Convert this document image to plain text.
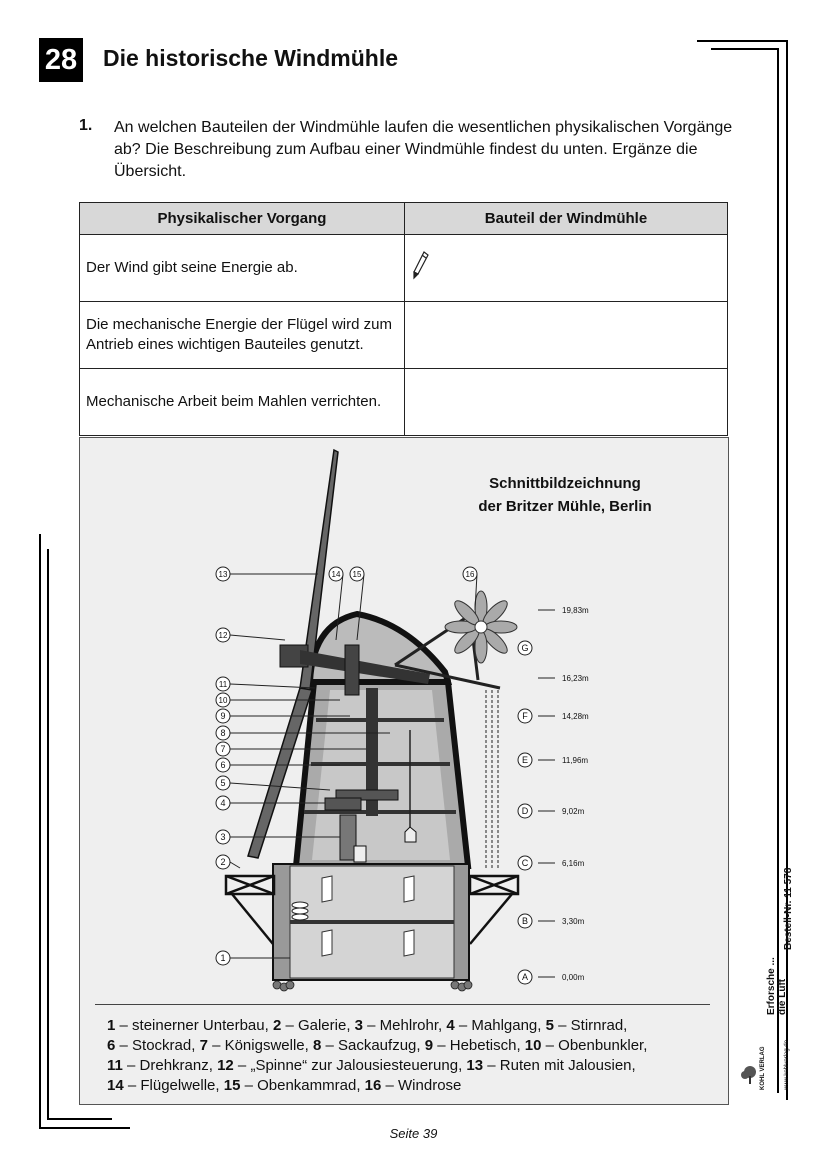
28 Die historische Windmühle
1. An welchen Bauteilen der Windmühle laufen die wesentlichen physikalischen Vorgänge ab? Die Beschreibung zum Aufbau einer Windmühle findest du unten. Ergänze die Übersicht.
Physikalischer Vorgang	Bauteil der Windmühle
Der Wind gibt seine Energie ab.	
Die mechanische Energie der Flügel wird zum Antrieb eines wichtigen Bauteiles genutzt.	
Mechanische Arbeit beim Mahlen verrichten.	
Schnittbildzeichnung
der Britzer Mühle, Berlin
1
2
3
4
5
6
7
8
9
10
11
12
13	14 15	16
19,83m
G
16,23m
14,28m
F
11,96m
E
9,02m
D
6,16m
C
3,30m
B
0,00m
A
1 – steinerner Unterbau, 2 – Galerie, 3 – Mehlrohr, 4 – Mahlgang, 5 – Stirnrad,
6 – Stockrad, 7 – Königswelle, 8 – Sackaufzug, 9 – Hebetisch, 10 – Obenbunkler,
11 – Drehkranz, 12 – „Spinne“ zur Jalousiesteuerung, 13 – Ruten mit Jalousien,
14 – Flügelwelle, 15 – Obenkammrad, 16 – Windrose
Seite 39
Erforsche ... die Luft
Bestell-Nr. 11 578
KOHL VERLAG	www.kohlverlag.de
